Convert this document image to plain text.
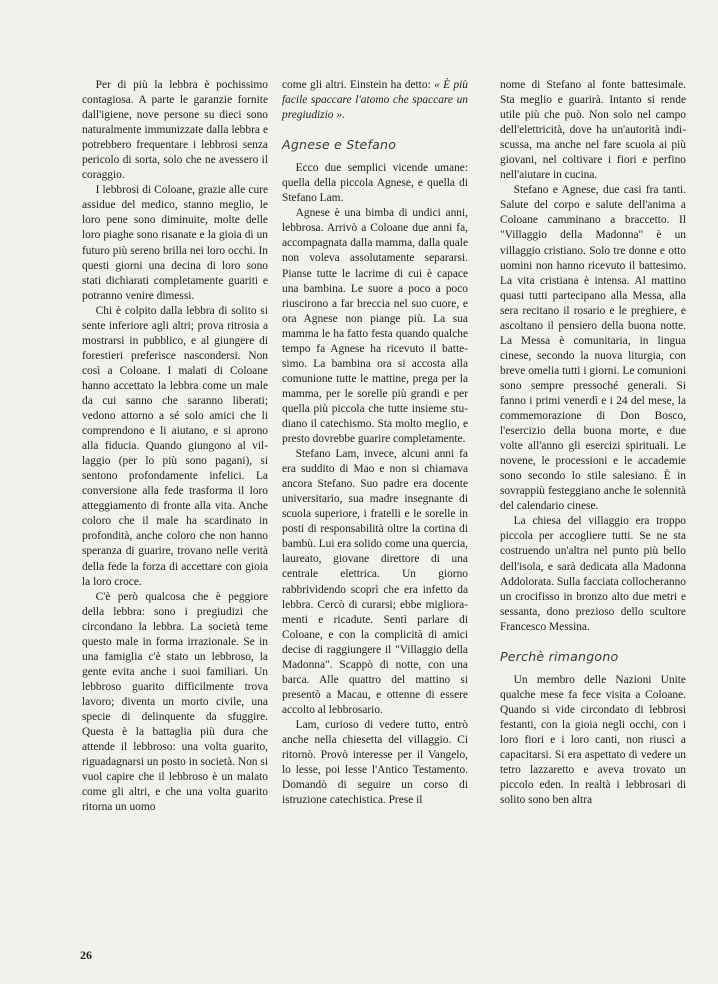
Per di più la lebbra è pochissimo contagiosa. A parte le garanzie fornite dall'igiene, nove persone su dieci sono naturalmente immunizzate dalla lebbra e potrebbero frequentare i lebbrosi senza pericolo di sorta, solo che ne avessero il coraggio.

I lebbrosi di Coloane, grazie alle cure assidue del medico, stanno meglio, le loro pene sono diminuite, molte delle loro piaghe sono risanate e la gioia di un futuro più sereno brilla nei loro occhi. In questi giorni una decina di loro sono stati dichiarati completamente guariti e potranno venire dimessi.

Chi è colpito dalla lebbra di solito si sente inferiore agli altri; prova ritrosia a mostrarsi in pubblico, e al giungere di forestieri preferisce nascondersi. Non così a Coloane. I malati di Coloane hanno accettato la lebbra come un male da cui sanno che saranno liberati; vedono attorno a sé solo amici che li comprendono e li aiutano, e si aprono alla fiducia. Quando giungono al villaggio (per lo più sono pagani), si sentono profondamente infelici. La conversione alla fede trasforma il loro atteggiamento di fronte alla vita. Anche coloro che il male ha scardinato in profondità, anche coloro che non hanno speranza di guarire, trovano nelle verità della fede la forza di accettare con gioia la loro croce.

C'è però qualcosa che è peggiore della lebbra: sono i pregiudizi che circondano la lebbra. La società teme questo male in forma irrazionale. Se in una famiglia c'è stato un lebbroso, la gente evita anche i suoi familiari. Un lebbroso guarito difficilmente trova lavoro; diventa un morto civile, una specie di delinquente da sfuggire. Questa è la battaglia più dura che attende il lebbroso: una volta guarito, riguadagnarsi un posto in società. Non si vuol capire che il lebbroso è un malato come gli altri, e che una volta guarito ritorna un uomo

come gli altri. Einstein ha detto: « È più facile spaccare l'atomo che spaccare un pregiudizio ».

Agnese e Stefano

Ecco due semplici vicende umane: quella della piccola Agnese, e quella di Stefano Lam.

Agnese è una bimba di undici anni, lebbrosa. Arrivò a Coloane due anni fa, accompagnata dalla mamma, dalla quale non voleva assolutamente separarsi. Pianse tutte le lacrime di cui è capace una bambina. Le suore a poco a poco riuscirono a far breccia nel suo cuore, e ora Agnese non piange più. La sua mamma le ha fatto festa quando qualche tempo fa Agnese ha ricevuto il battesimo. La bambina ora si accosta alla comunione tutte le mattine, prega per la mamma, per le sorelle più grandi e per quella più piccola che tutte insieme studiano il catechismo. Sta molto meglio, e presto dovrebbe guarire completamente.

Stefano Lam, invece, alcuni anni fa era suddito di Mao e non si chiamava ancora Stefano. Suo padre era docente universitario, sua madre insegnante di scuola superiore, i fratelli e le sorelle in posti di responsabilità oltre la cortina di bambù. Lui era solido come una quercia, laureato, giovane direttore di una centrale elettrica. Un giorno rabbrividendo scoprì che era infetto da lebbra. Cercò di curarsi; ebbe miglioramenti e ricadute. Sentì parlare di Coloane, e con la complicità di amici decise di raggiungere il "Villaggio della Madonna". Scappò di notte, con una barca. Alle quattro del mattino si presentò a Macau, e ottenne di essere accolto al lebbrosario.

Lam, curioso di vedere tutto, entrò anche nella chiesetta del villaggio. Ci ritornò. Provò interesse per il Vangelo, lo lesse, poi lesse l'Antico Testamento. Domandò di seguire un corso di istruzione catechistica. Prese il

nome di Stefano al fonte battesimale. Sta meglio e guarirà. Intanto si rende utile più che può. Non solo nel campo dell'elettricità, dove ha un'autorità indiscussa, ma anche nel fare scuola ai più giovani, nel coltivare i fiori e perfino nell'aiutare in cucina.

Stefano e Agnese, due casi fra tanti. Salute del corpo e salute dell'anima a Coloane camminano a braccetto. Il "Villaggio della Madonna" è un villaggio cristiano. Solo tre donne e otto uomini non hanno ricevuto il battesimo. La vita cristiana è intensa. Al mattino quasi tutti partecipano alla Messa, alla sera recitano il rosario e le preghiere, e ascoltano il pensiero della buona notte. La Messa è comunitaria, in lingua cinese, secondo la nuova liturgia, con breve omelia tutti i giorni. Le comunioni sono sempre pressoché generali. Si fanno i primi venerdì e i 24 del mese, la commemorazione di Don Bosco, l'esercizio della buona morte, e due volte all'anno gli esercizi spirituali. Le novene, le processioni e le accademie sono secondo lo stile salesiano. È in sovrappiù festeggiano anche le solennità del calendario cinese.

La chiesa del villaggio era troppo piccola per accogliere tutti. Se ne sta costruendo un'altra nel punto più bello dell'isola, e sarà dedicata alla Madonna Addolorata. Sulla facciata collocheranno un crocifisso in bronzo alto due metri e sessanta, dono prezioso dello scultore Francesco Messina.

Perchè rimangono

Un membro delle Nazioni Unite qualche mese fa fece visita a Coloane. Quando si vide circondato di lebbrosi festanti, con la gioia negli occhi, con i loro fiori e i loro canti, non riuscì a capacitarsi. Si era aspettato di vedere un tetro lazzaretto e aveva trovato un piccolo eden. In realtà i lebbrosari di solito sono ben altra

26
